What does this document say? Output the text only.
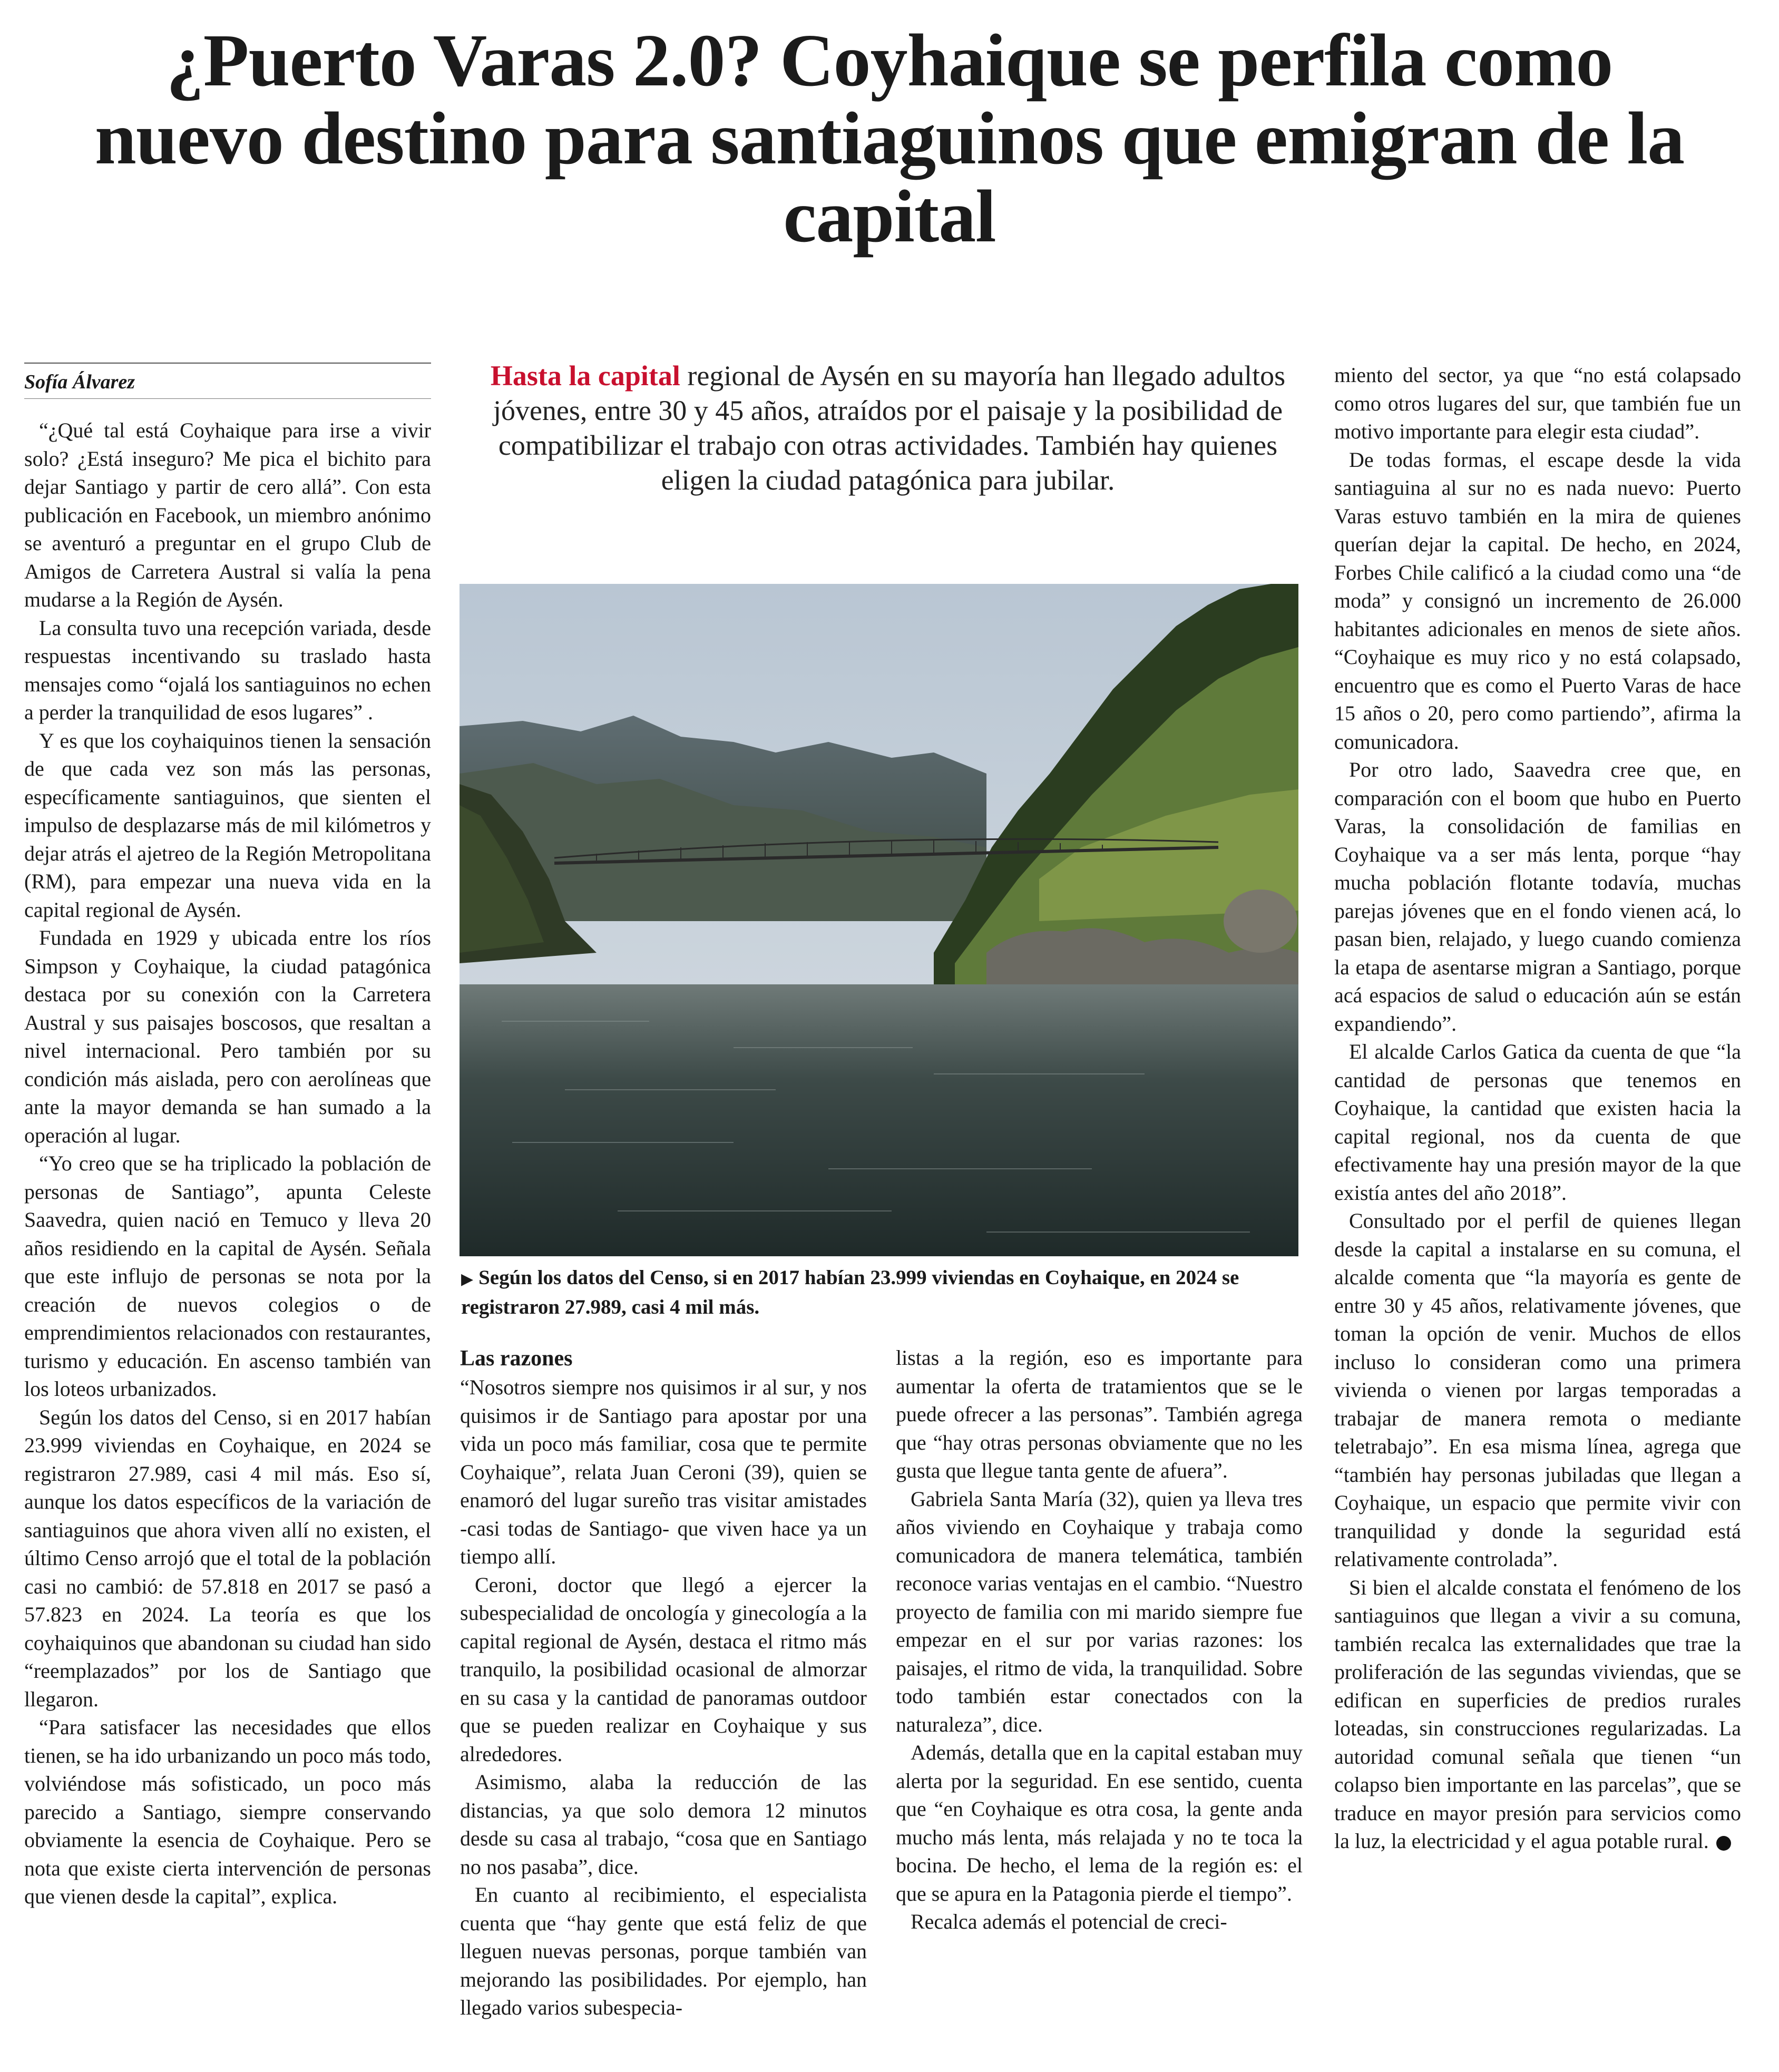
¿Puerto Varas 2.0? Coyhaique se perfila como nuevo destino para santiaguinos que emigran de la capital
Sofía Álvarez	Hasta la capital regional de Aysén en su mayoría han llegado adultos jóvenes, entre 30 y 45 años, atraídos por el paisaje y la posibilidad de compatibilizar el trabajo con otras actividades. También hay quienes eligen la ciudad patagónica para jubilar.
▶ Según los datos del Censo, si en 2017 habían 23.999 viviendas en Coyhaique, en 2024 se registraron 27.989, casi 4 mil más.

“¿Qué tal está Coyhaique para irse a vivir solo? ¿Está inseguro? Me pica el bichito para dejar Santiago y partir de cero allá”. Con esta publicación en Facebook, un miembro anónimo se aventuró a preguntar en el grupo Club de Amigos de Carretera Austral si valía la pena mudarse a la Región de Aysén.

La consulta tuvo una recepción variada, desde respuestas incentivando su traslado hasta mensajes como “ojalá los santiaguinos no echen a perder la tranquilidad de esos lugares” .

Y es que los coyhaiquinos tienen la sensación de que cada vez son más las personas, específicamente santiaguinos, que sienten el impulso de desplazarse más de mil kilómetros y dejar atrás el ajetreo de la Región Metropolitana (RM), para empezar una nueva vida en la capital regional de Aysén.

Fundada en 1929 y ubicada entre los ríos Simpson y Coyhaique, la ciudad patagónica destaca por su conexión con la Carretera Austral y sus paisajes boscosos, que resaltan a nivel internacional. Pero también por su condición más aislada, pero con aerolíneas que ante la mayor demanda se han sumado a la operación al lugar.

“Yo creo que se ha triplicado la población de personas de Santiago”, apunta Celeste Saavedra, quien nació en Temuco y lleva 20 años residiendo en la capital de Aysén. Señala que este influjo de personas se nota por la creación de nuevos colegios o de emprendimientos relacionados con restaurantes, turismo y educación. En ascenso también van los loteos urbanizados.

Según los datos del Censo, si en 2017 habían 23.999 viviendas en Coyhaique, en 2024 se registraron 27.989, casi 4 mil más. Eso sí, aunque los datos específicos de la variación de santiaguinos que ahora viven allí no existen, el último Censo arrojó que el total de la población casi no cambió: de 57.818 en 2017 se pasó a 57.823 en 2024. La teoría es que los coyhaiquinos que abandonan su ciudad han sido “reemplazados” por los de Santiago que llegaron.

“Para satisfacer las necesidades que ellos tienen, se ha ido urbanizando un poco más todo, volviéndose más sofisticado, un poco más parecido a Santiago, siempre conservando obviamente la esencia de Coyhaique. Pero se nota que existe cierta intervención de personas que vienen desde la capital”, explica.

Las razones

“Nosotros siempre nos quisimos ir al sur, y nos quisimos ir de Santiago para apostar por una vida un poco más familiar, cosa que te permite Coyhaique”, relata Juan Ceroni (39), quien se enamoró del lugar sureño tras visitar amistades -casi todas de Santiago- que viven hace ya un tiempo allí.

Ceroni, doctor que llegó a ejercer la subespecialidad de oncología y ginecología a la capital regional de Aysén, destaca el ritmo más tranquilo, la posibilidad ocasional de almorzar en su casa y la cantidad de panoramas outdoor que se pueden realizar en Coyhaique y sus alrededores.

Asimismo, alaba la reducción de las distancias, ya que solo demora 12 minutos desde su casa al trabajo, “cosa que en Santiago no nos pasaba”, dice.

En cuanto al recibimiento, el especialista cuenta que “hay gente que está feliz de que lleguen nuevas personas, porque también van mejorando las posibilidades. Por ejemplo, han llegado varios subespecia-

listas a la región, eso es importante para aumentar la oferta de tratamientos que se le puede ofrecer a las personas”. También agrega que “hay otras personas obviamente que no les gusta que llegue tanta gente de afuera”.

Gabriela Santa María (32), quien ya lleva tres años viviendo en Coyhaique y trabaja como comunicadora de manera telemática, también reconoce varias ventajas en el cambio. “Nuestro proyecto de familia con mi marido siempre fue empezar en el sur por varias razones: los paisajes, el ritmo de vida, la tranquilidad. Sobre todo también estar conectados con la naturaleza”, dice.

Además, detalla que en la capital estaban muy alerta por la seguridad. En ese sentido, cuenta que “en Coyhaique es otra cosa, la gente anda mucho más lenta, más relajada y no te toca la bocina. De hecho, el lema de la región es: el que se apura en la Patagonia pierde el tiempo”.

Recalca además el potencial de creci-

miento del sector, ya que “no está colapsado como otros lugares del sur, que también fue un motivo importante para elegir esta ciudad”.

De todas formas, el escape desde la vida santiaguina al sur no es nada nuevo: Puerto Varas estuvo también en la mira de quienes querían dejar la capital. De hecho, en 2024, Forbes Chile calificó a la ciudad como una “de moda” y consignó un incremento de 26.000 habitantes adicionales en menos de siete años. “Coyhaique es muy rico y no está colapsado, encuentro que es como el Puerto Varas de hace 15 años o 20, pero como partiendo”, afirma la comunicadora.

Por otro lado, Saavedra cree que, en comparación con el boom que hubo en Puerto Varas, la consolidación de familias en Coyhaique va a ser más lenta, porque “hay mucha población flotante todavía, muchas parejas jóvenes que en el fondo vienen acá, lo pasan bien, relajado, y luego cuando comienza la etapa de asentarse migran a Santiago, porque acá espacios de salud o educación aún se están expandiendo”.

El alcalde Carlos Gatica da cuenta de que “la cantidad de personas que tenemos en Coyhaique, la cantidad que existen hacia la capital regional, nos da cuenta de que efectivamente hay una presión mayor de la que existía antes del año 2018”.

Consultado por el perfil de quienes llegan desde la capital a instalarse en su comuna, el alcalde comenta que “la mayoría es gente de entre 30 y 45 años, relativamente jóvenes, que toman la opción de venir. Muchos de ellos incluso lo consideran como una primera vivienda o vienen por largas temporadas a trabajar de manera remota o mediante teletrabajo”. En esa misma línea, agrega que “también hay personas jubiladas que llegan a Coyhaique, un espacio que permite vivir con tranquilidad y donde la seguridad está relativamente controlada”.

Si bien el alcalde constata el fenómeno de los santiaguinos que llegan a vivir a su comuna, también recalca las externalidades que trae la proliferación de las segundas viviendas, que se edifican en superficies de predios rurales loteadas, sin construcciones regularizadas. La autoridad comunal señala que tienen “un colapso bien importante en las parcelas”, que se traduce en mayor presión para servicios como la luz, la electricidad y el agua potable rural.
